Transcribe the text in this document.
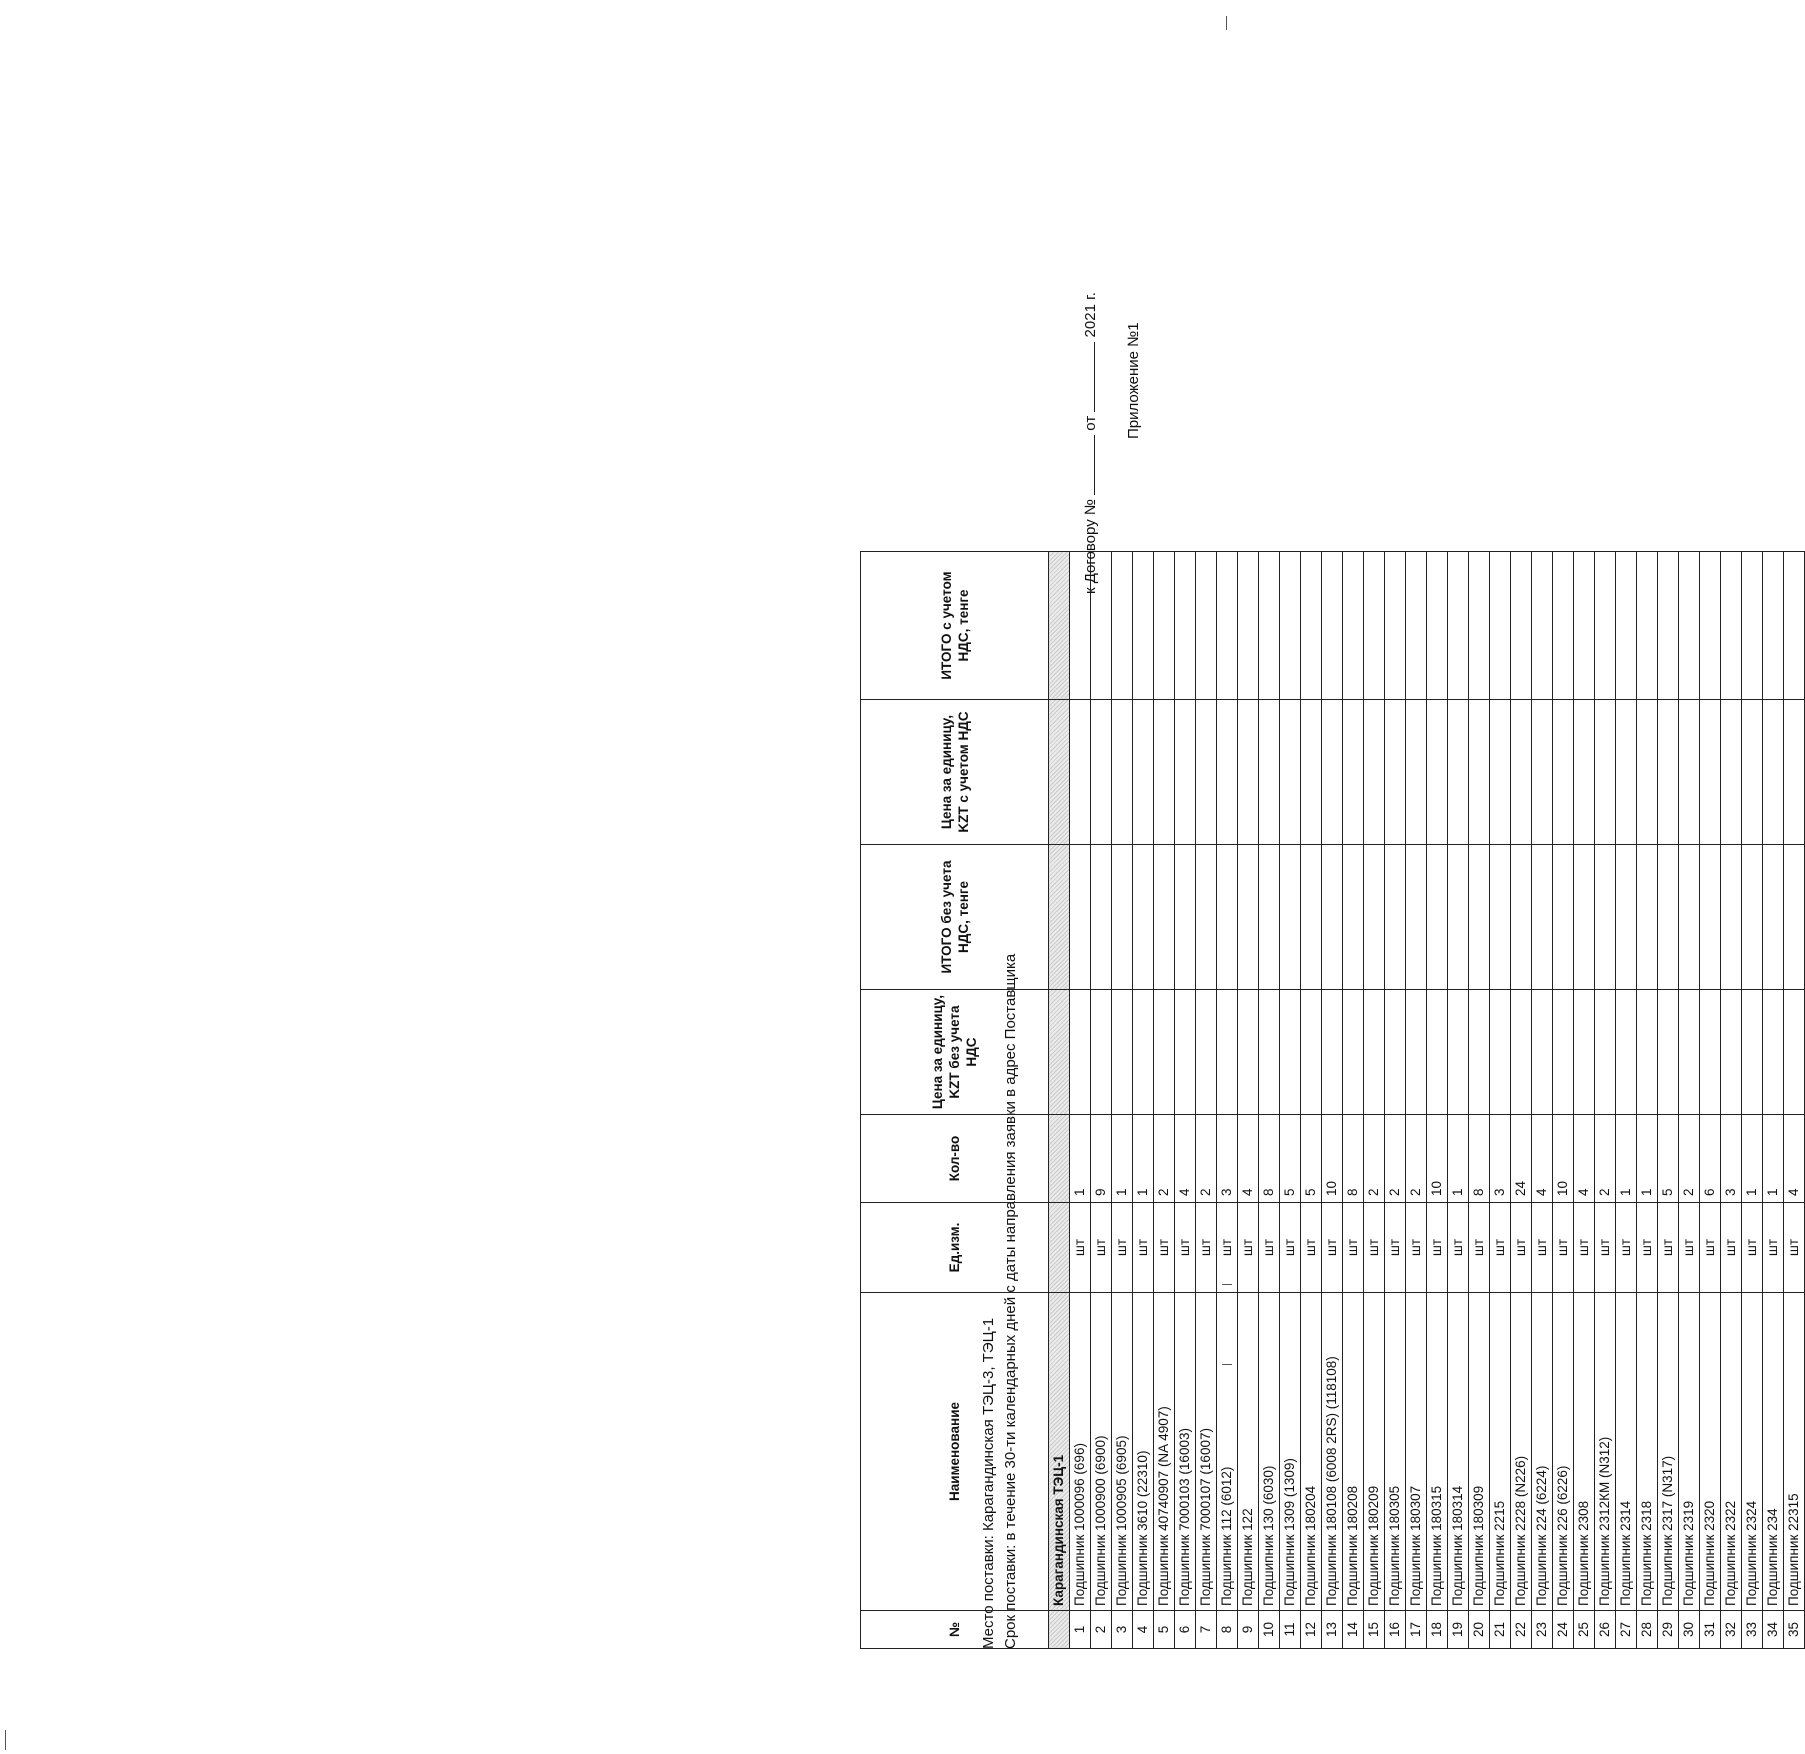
Приложение №1
к Договору №  от  2021 г.
Место поставки: Карагандинская ТЭЦ-3, ТЭЦ-1 Срок поставки: в течение 30-ти календарных дней с даты направления заявки в адрес Поставщика
№	Наименование	Ед.изм.	Кол-во	Цена за единицу, KZT без учета НДС	ИТОГО без учета НДС, тенге	Цена за единицу, KZT с учетом НДС	ИТОГО с учетом НДС, тенге
	Карагандинская ТЭЦ-1						
1	Подшипник 1000096 (696)	шт	1				
2	Подшипник 1000900 (6900)	шт	9				
3	Подшипник 1000905 (6905)	шт	1				
4	Подшипник 3610 (22310)	шт	1				
5	Подшипник 40740907 (NA 4907)	шт	2				
6	Подшипник 7000103 (16003)	шт	4				
7	Подшипник 7000107 (16007)	шт	2				
8	Подшипник 112 (6012)	шт	3				
9	Подшипник 122	шт	4				
10	Подшипник 130 (6030)	шт	8				
11	Подшипник 1309 (1309)	шт	5				
12	Подшипник 180204	шт	5				
13	Подшипник 180108 (6008 2RS) (118108)	шт	10				
14	Подшипник 180208	шт	8				
15	Подшипник 180209	шт	2				
16	Подшипник 180305	шт	2				
17	Подшипник 180307	шт	2				
18	Подшипник 180315	шт	10				
19	Подшипник 180314	шт	1				
20	Подшипник 180309	шт	8				
21	Подшипник 2215	шт	3				
22	Подшипник 2228 (N226)	шт	24				
23	Подшипник 224 (6224)	шт	4				
24	Подшипник 226 (6226)	шт	10				
25	Подшипник 2308	шт	4				
26	Подшипник 2312КМ (N312)	шт	2				
27	Подшипник 2314	шт	1				
28	Подшипник 2318	шт	1				
29	Подшипник 2317 (N317)	шт	5				
30	Подшипник 2319	шт	2				
31	Подшипник 2320	шт	6				
32	Подшипник 2322	шт	3				
33	Подшипник 2324	шт	1				
34	Подшипник 234	шт	1				
35	Подшипник 22315	шт	4				
